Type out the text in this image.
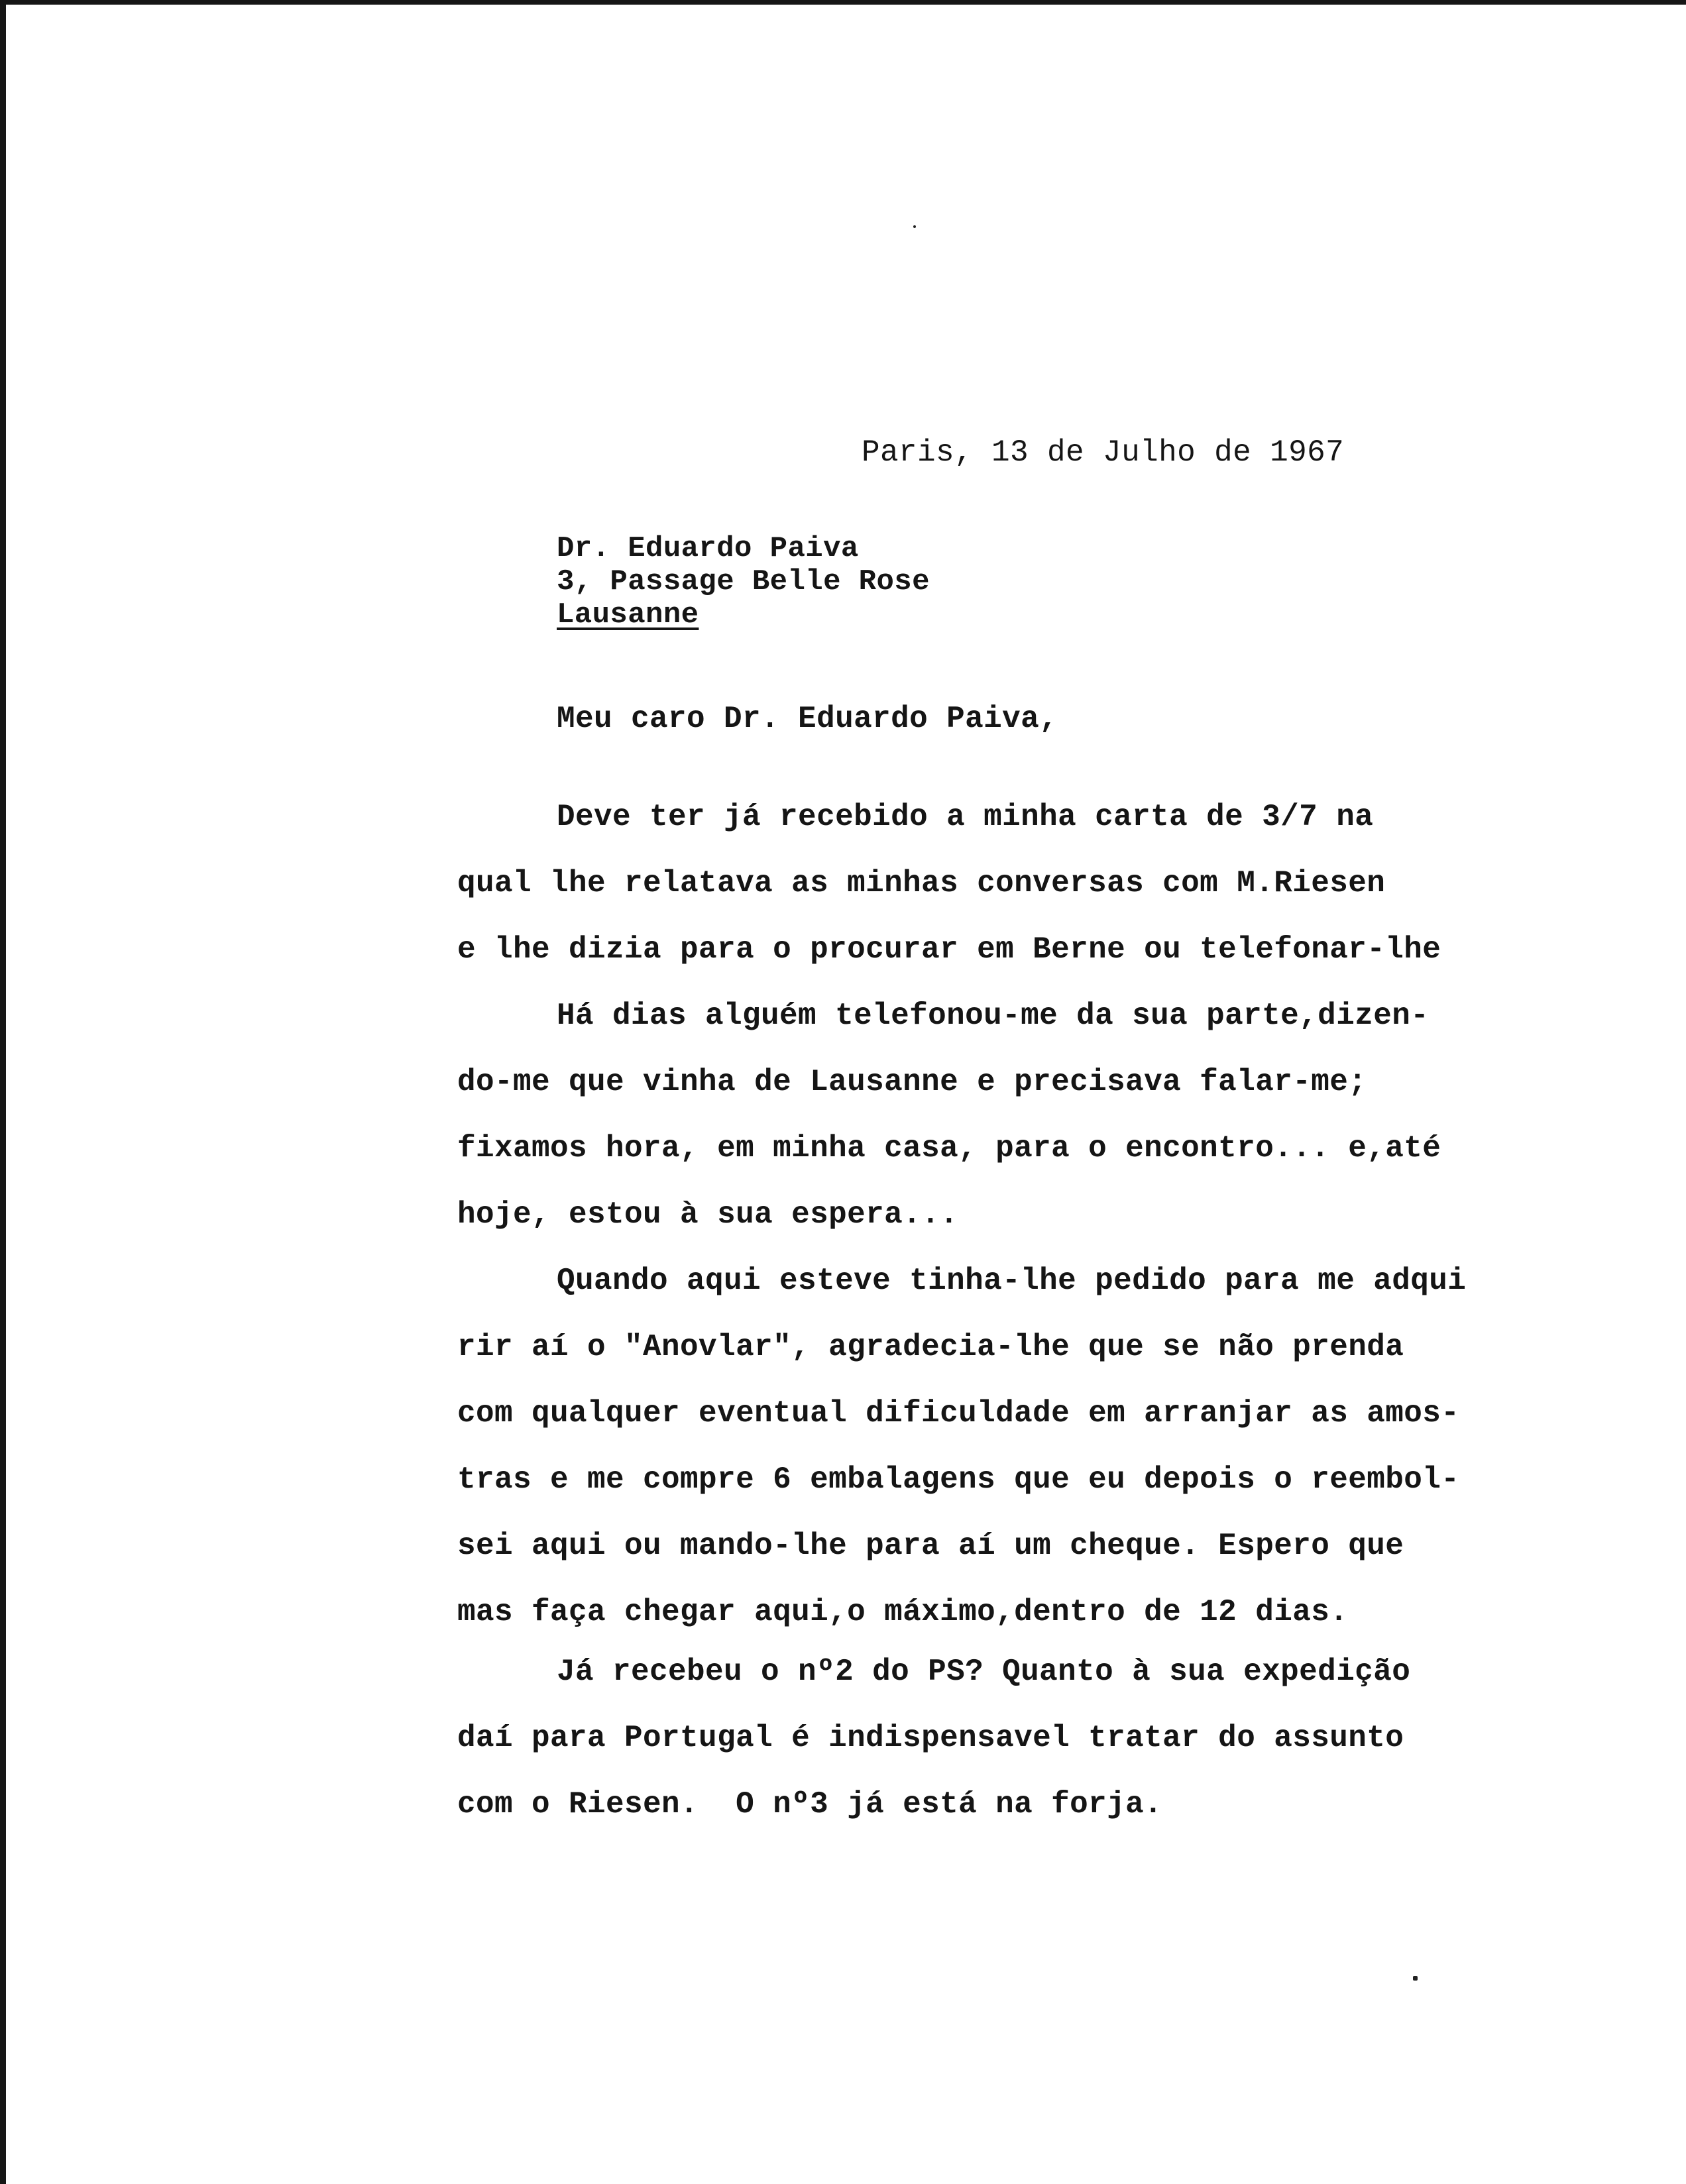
Paris, 13 de Julho de 1967
Dr. Eduardo Paiva
3, Passage Belle Rose
Lausanne
Meu caro Dr. Eduardo Paiva,
Deve ter já recebido a minha carta de 3/7 na
qual lhe relatava as minhas conversas com M.Riesen
e lhe dizia para o procurar em Berne ou telefonar-lhe
Há dias alguém telefonou-me da sua parte,dizen-
do-me que vinha de Lausanne e precisava falar-me;
fixamos hora, em minha casa, para o encontro... e,até
hoje, estou à sua espera...
Quando aqui esteve tinha-lhe pedido para me adqui
rir aí o "Anovlar", agradecia-lhe que se não prenda
com qualquer eventual dificuldade em arranjar as amos-
tras e me compre 6 embalagens que eu depois o reembol-
sei aqui ou mando-lhe para aí um cheque. Espero que
mas faça chegar aqui,o máximo,dentro de 12 dias.
Já recebeu o nº2 do PS? Quanto à sua expedição
daí para Portugal é indispensavel tratar do assunto
com o Riesen.  O nº3 já está na forja.
